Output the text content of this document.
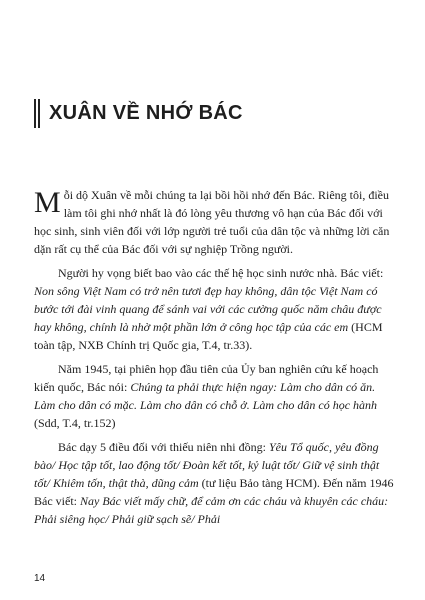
XUÂN VỀ NHỚ BÁC

Mỗi dộ Xuân về mỗi chúng ta lại bồi hồi nhớ đến Bác. Riêng tôi, điều làm tôi ghi nhớ nhất là đó lòng yêu thương vô hạn của Bác đối với học sinh, sinh viên đối với lớp người trẻ tuổi của dân tộc và những lời căn dặn rất cụ thể của Bác đối với sự nghiệp Trồng người.

Người hy vọng biết bao vào các thế hệ học sinh nước nhà. Bác viết: Non sông Việt Nam có trở nên tươi đẹp hay không, dân tộc Việt Nam có bước tới đài vinh quang để sánh vai với các cường quốc năm châu được hay không, chính là nhờ một phần lớn ở công học tập của các em (HCM toàn tập, NXB Chính trị Quốc gia, T.4, tr.33).

Năm 1945, tại phiên họp đầu tiên của Ủy ban nghiên cứu kế hoạch kiến quốc, Bác nói: Chúng ta phải thực hiện ngay: Làm cho dân có ăn. Làm cho dân có mặc. Làm cho dân có chỗ ở. Làm cho dân có học hành (Sdd, T.4, tr.152)

Bác dạy 5 điều đối với thiếu niên nhi đồng: Yêu Tổ quốc, yêu đồng bào/ Học tập tốt, lao động tốt/ Đoàn kết tốt, kỷ luật tốt/ Giữ vệ sinh thật tốt/ Khiêm tốn, thật thà, dũng cảm (tư liệu Bảo tàng HCM). Đến năm 1946 Bác viết: Nay Bác viết mấy chữ, để cảm ơn các cháu và khuyên các cháu: Phải siêng học/ Phải giữ sạch sẽ/ Phải

14
